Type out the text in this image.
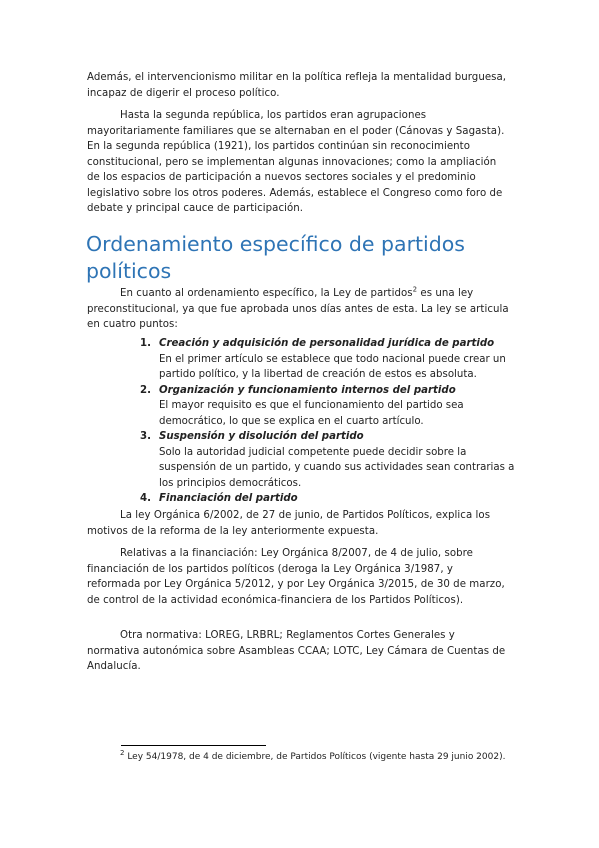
Además, el intervencionismo militar en la política refleja la mentalidad burguesa, incapaz de digerir el proceso político.

Hasta la segunda república, los partidos eran agrupaciones mayoritariamente familiares que se alternaban en el poder (Cánovas y Sagasta). En la segunda república (1921), los partidos continúan sin reconocimiento constitucional, pero se implementan algunas innovaciones; como la ampliación de los espacios de participación a nuevos sectores sociales y el predominio legislativo sobre los otros poderes. Además, establece el Congreso como foro de debate y principal cauce de participación.

Ordenamiento específico de partidos políticos

En cuanto al ordenamiento específico, la Ley de partidos$^2$ es una ley preconstitucional, ya que fue aprobada unos días antes de esta. La ley se articula en cuatro puntos:

1. Creación y adquisición de personalidad jurídica de partido
En el primer artículo se establece que todo nacional puede crear un partido político, y la libertad de creación de estos es absoluta.
2. Organización y funcionamiento internos del partido
El mayor requisito es que el funcionamiento del partido sea democrático, lo que se explica en el cuarto artículo.
3. Suspensión y disolución del partido
Solo la autoridad judicial competente puede decidir sobre la suspensión de un partido, y cuando sus actividades sean contrarias a los principios democráticos.
4. Financiación del partido

La ley Orgánica 6/2002, de 27 de junio, de Partidos Políticos, explica los motivos de la reforma de la ley anteriormente expuesta.

Relativas a la financiación: Ley Orgánica 8/2007, de 4 de julio, sobre financiación de los partidos políticos (deroga la Ley Orgánica 3/1987, y reformada por Ley Orgánica 5/2012, y por Ley Orgánica 3/2015, de 30 de marzo, de control de la actividad económica-financiera de los Partidos Políticos).

Otra normativa: LOREG, LRBRL; Reglamentos Cortes Generales y normativa autonómica sobre Asambleas CCAA; LOTC, Ley Cámara de Cuentas de Andalucía.

$^2$ Ley 54/1978, de 4 de diciembre, de Partidos Políticos (vigente hasta 29 junio 2002).
